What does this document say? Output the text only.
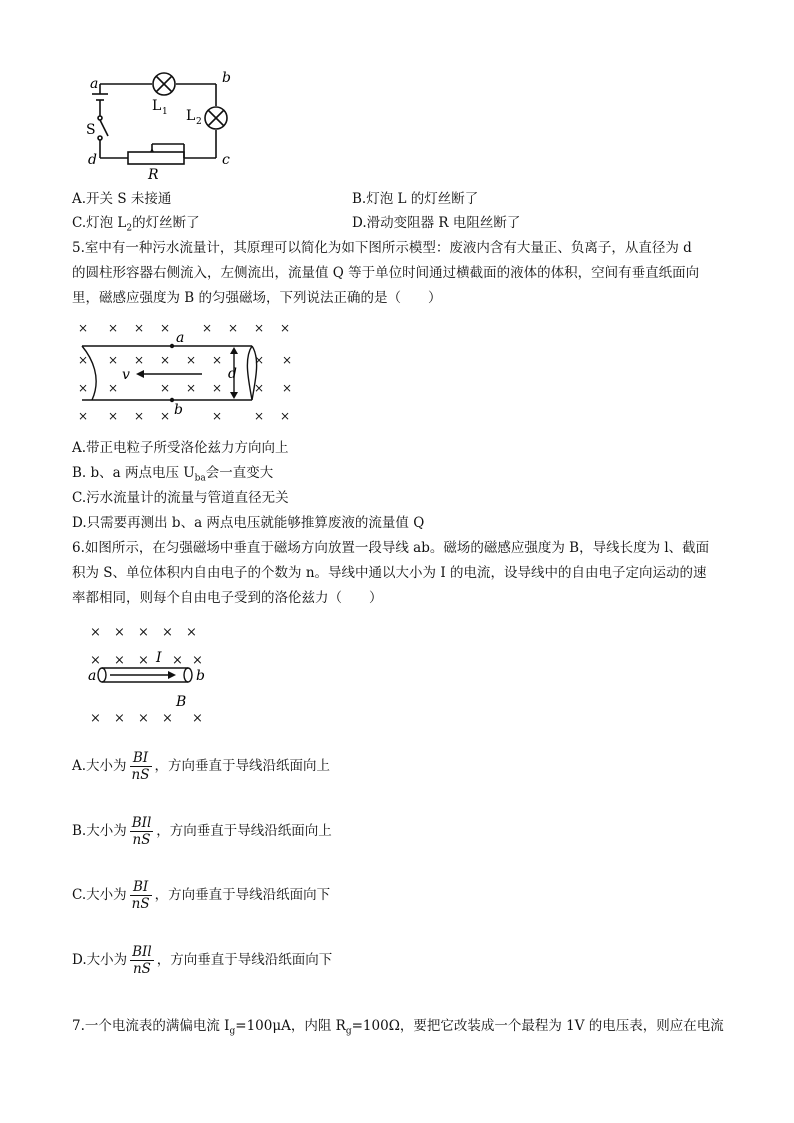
a	b
c
d
S
L 1 L 2
R
A.开关 S 未接通	B.灯泡 L 的灯丝断了
C.灯泡 $L_2$的灯丝断了	D.滑动变阻器 R 电阻丝断了
5.室中有一种污水流量计，其原理可以简化为如下图所示模型：废液内含有大量正、负离子，从直径为 d
的圆柱形容器右侧流入，左侧流出，流量值 Q 等于单位时间通过横截面的液体的体积，空间有垂直纸面向
里，磁感应强度为 B 的匀强磁场，下列说法正确的是（　　）
× × × ×	× × × ×
× × × × ×	×
× ×	×	×
×
×
×
× × ×	×	× ×
×
×
×
a
b
v	d
A.带正电粒子所受洛伦兹力方向向上
B. b、a 两点电压 $U_{ba}$会一直变大
C.污水流量计的流量与管道直径无关
D.只需要再测出 b、a 两点电压就能够推算废液的流量值 Q
6.如图所示，在匀强磁场中垂直于磁场方向放置一段导线 ab。磁场的磁感应强度为 B，导线长度为 l、截面
积为 S、单位体积内自由电子的个数为 n。导线中通以大小为 I 的电流，设导线中的自由电子定向运动的速
率都相同，则每个自由电子受到的洛伦兹力（　　）
× × × × ×
× × × × ×
× × × × ×
a	b
I
B
A.大小为 $\frac{BI}{nS}$ ，方向垂直于导线沿纸面向上
B.大小为 $\frac{\text{BIl}}{nS}$ ，方向垂直于导线沿纸面向上
C.大小为 $\frac{BI}{nS}$ ，方向垂直于导线沿纸面向下
D.大小为 $\frac{\text{BIl}}{nS}$ ，方向垂直于导线沿纸面向下
7.一个电流表的满偏电流 $I_g=100\mu A$，内阻 $R_g=100\Omega$，要把它改装成一个最程为 1V 的电压表，则应在电流
